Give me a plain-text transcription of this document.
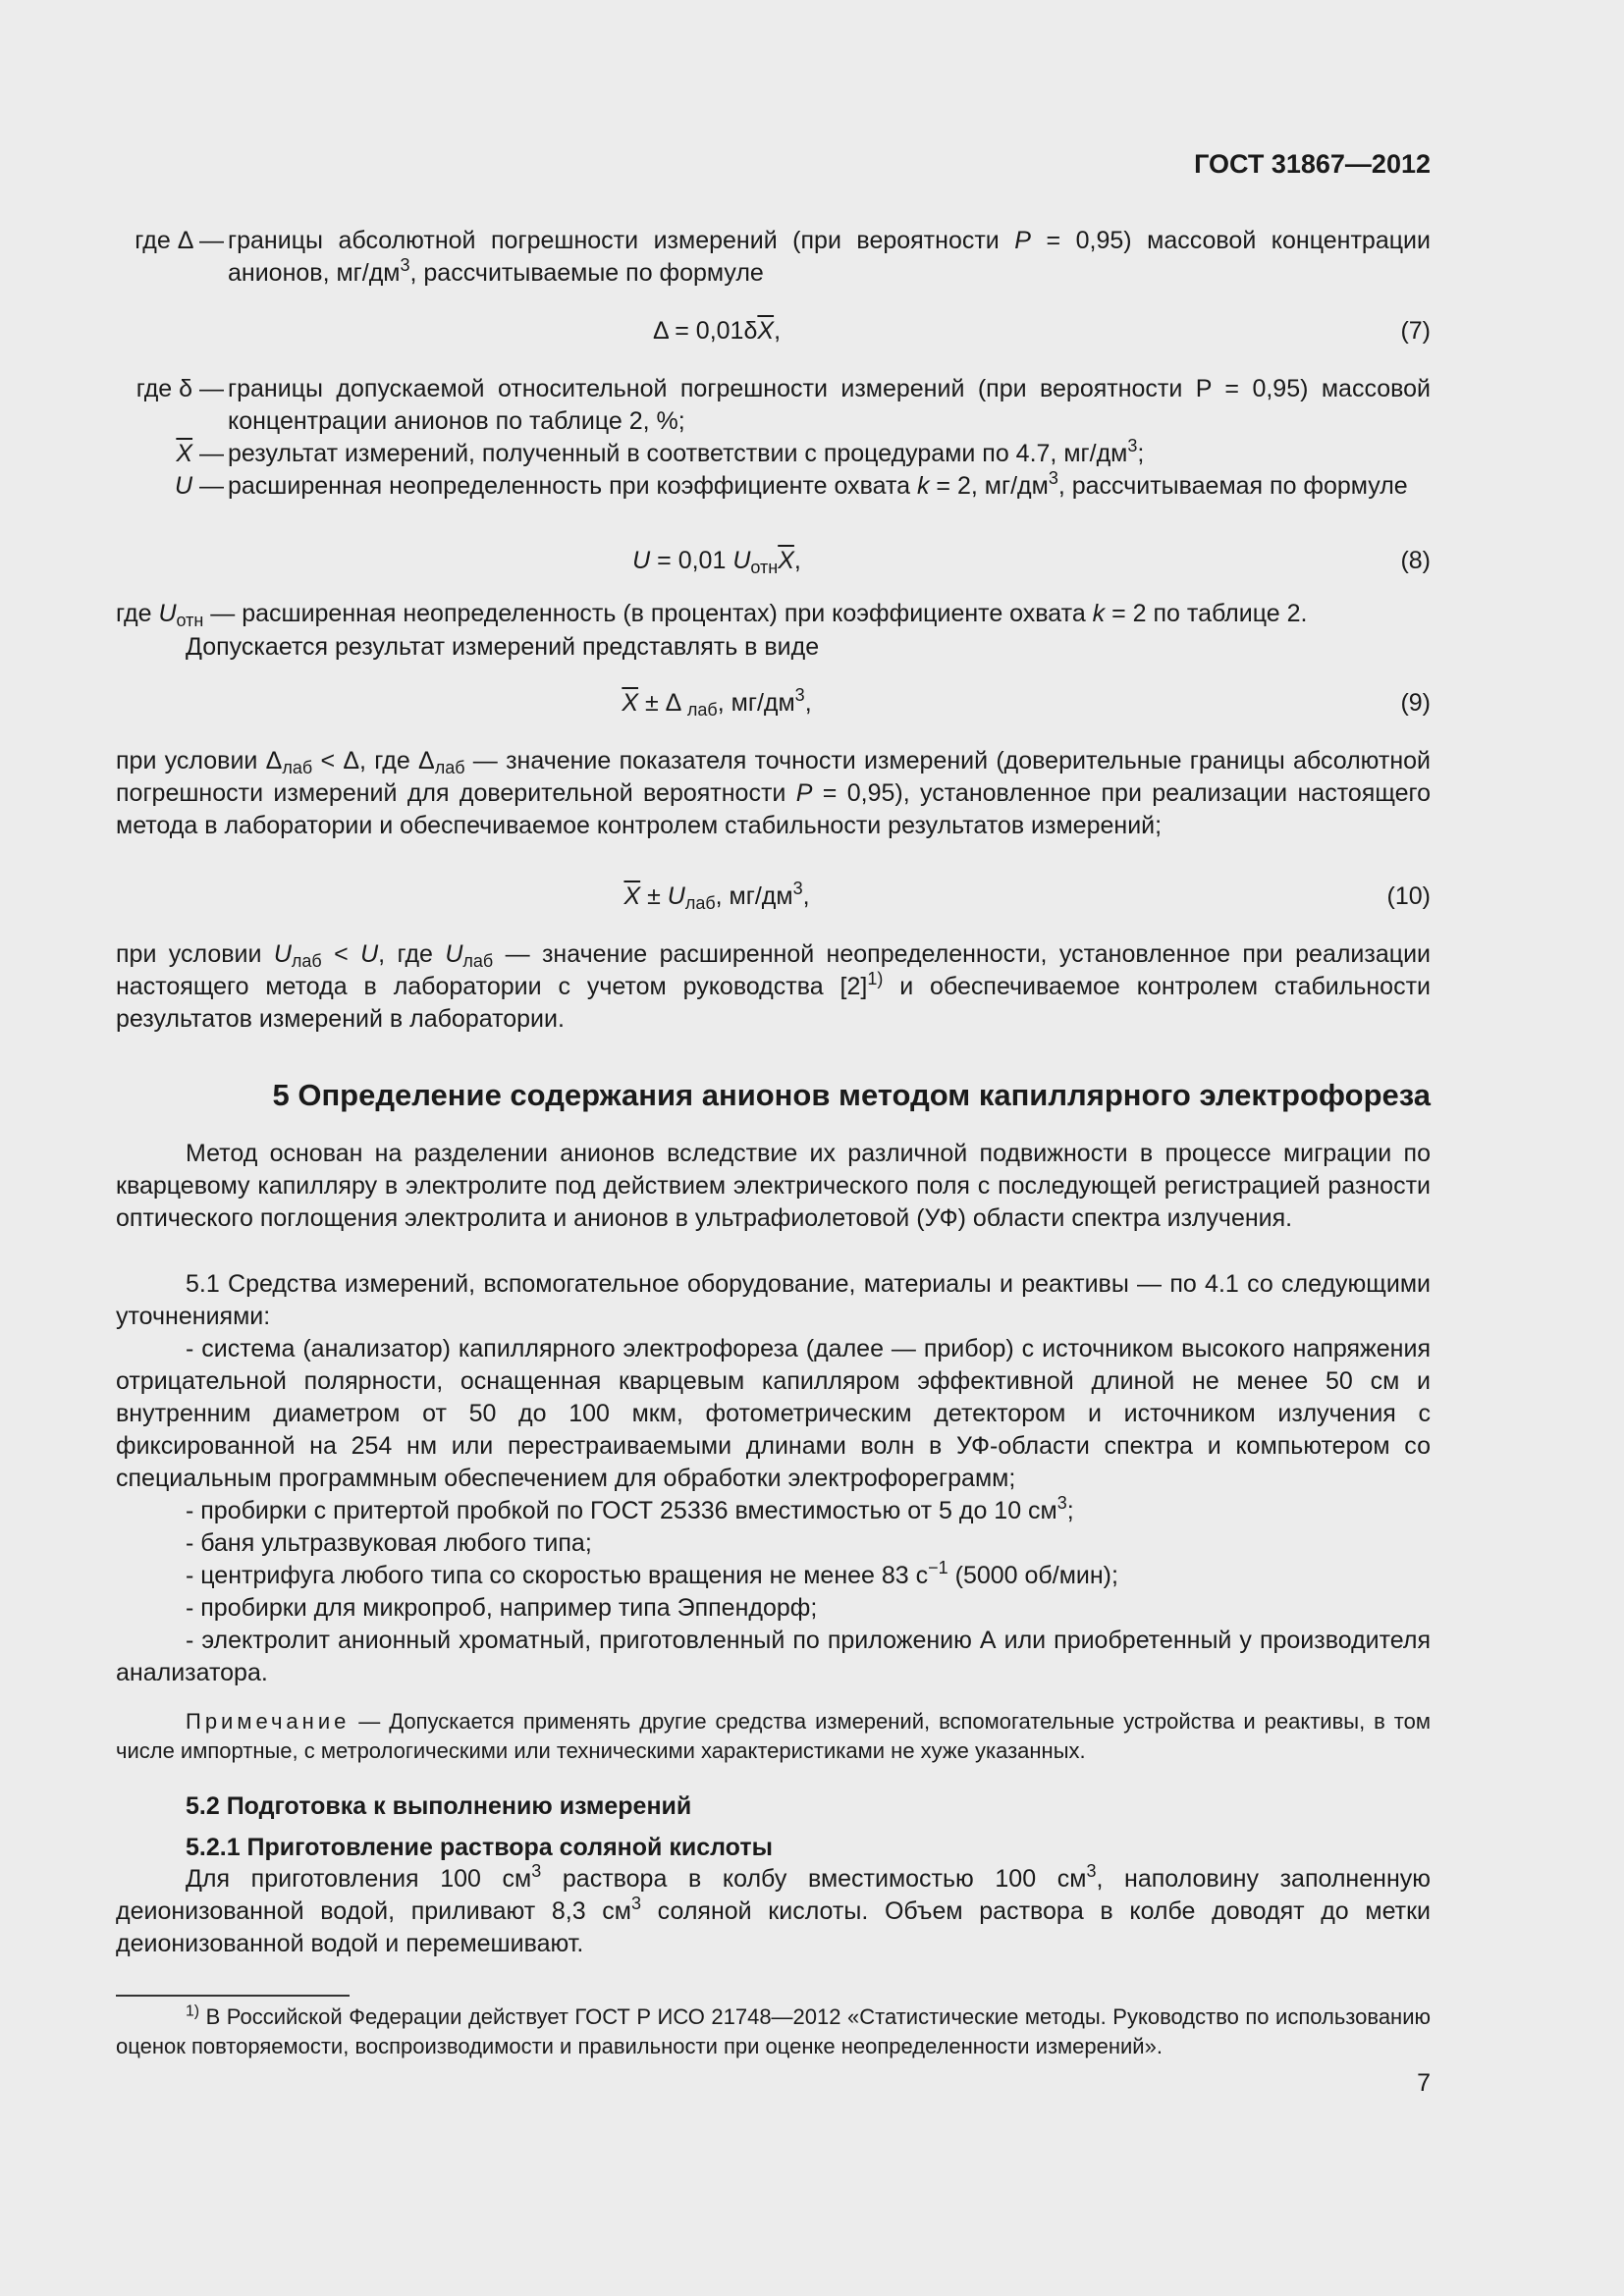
ГОСТ 31867—2012
где Δ — границы абсолютной погрешности измерений (при вероятности P = 0,95) массовой концентрации анионов, $мг/дм^3$, рассчитываемые по формуле
$\Delta = 0,01\delta\overline{X}$,	(7)
где δ — границы допускаемой относительной погрешности измерений (при вероятности P = 0,95) массовой концентрации анионов по таблице 2, %;
$\overline{X}$ — результат измерений, полученный в соответствии с процедурами по 4.7, $мг/дм^3$;
U — расширенная неопределенность при коэффициенте охвата k = 2, $мг/дм^3$, рассчитываемая по формуле
U = 0,01 $U_{отн}\overline{X}$,	(8)
где $U_{отн}$ — расширенная неопределенность (в процентах) при коэффициенте охвата k = 2 по таблице 2.
Допускается результат измерений представлять в виде
$\overline{X} \pm \Delta$ $_{лаб}$, $мг/дм^3$,	(9)
при условии $\Delta_{лаб} < \Delta$, где $\Delta_{лаб}$ — значение показателя точности измерений (доверительные границы абсолютной погрешности измерений для доверительной вероятности P = 0,95), установленное при реализации настоящего метода в лаборатории и обеспечиваемое контролем стабильности результатов измерений;
$\overline{X} \pm U_{лаб}$, $мг/дм^3$,	(10)
при условии $U_{лаб} < U$, где $U_{лаб}$ — значение расширенной неопределенности, установленное при реализации настоящего метода в лаборатории с учетом руководства $[2]^{1)}$ и обеспечиваемое контролем стабильности результатов измерений в лаборатории.
5 Определение содержания анионов методом капиллярного электрофореза
Метод основан на разделении анионов вследствие их различной подвижности в процессе миграции по кварцевому капилляру в электролите под действием электрического поля с последующей регистрацией разности оптического поглощения электролита и анионов в ультрафиолетовой (УФ) области спектра излучения.
5.1 Средства измерений, вспомогательное оборудование, материалы и реактивы — по 4.1 со следующими уточнениями:
- система (анализатор) капиллярного электрофореза (далее — прибор) с источником высокого напряжения отрицательной полярности, оснащенная кварцевым капилляром эффективной длиной не менее 50 см и внутренним диаметром от 50 до 100 мкм, фотометрическим детектором и источником излучения с фиксированной на 254 нм или перестраиваемыми длинами волн в УФ-области спектра и компьютером со специальным программным обеспечением для обработки электрофореграмм;
- пробирки с притертой пробкой по ГОСТ 25336 вместимостью от 5 до 10 $см^3$;
- баня ультразвуковая любого типа;
- центрифуга любого типа со скоростью вращения не менее 83 $с^{-1}$ (5000 об/мин);
- пробирки для микропроб, например типа Эппендорф;
- электролит анионный хроматный, приготовленный по приложению А или приобретенный у производителя анализатора.
Примечание — Допускается применять другие средства измерений, вспомогательные устройства и реактивы, в том числе импортные, с метрологическими или техническими характеристиками не хуже указанных.
5.2 Подготовка к выполнению измерений
5.2.1 Приготовление раствора соляной кислоты
Для приготовления 100 $см^3$ раствора в колбу вместимостью 100 $см^3$, наполовину заполненную деионизованной водой, приливают 8,3 $см^3$ соляной кислоты. Объем раствора в колбе доводят до метки деионизованной водой и перемешивают.
$^{1)}$ В Российской Федерации действует ГОСТ Р ИСО 21748—2012 «Статистические методы. Руководство по использованию оценок повторяемости, воспроизводимости и правильности при оценке неопределенности измерений».
7
